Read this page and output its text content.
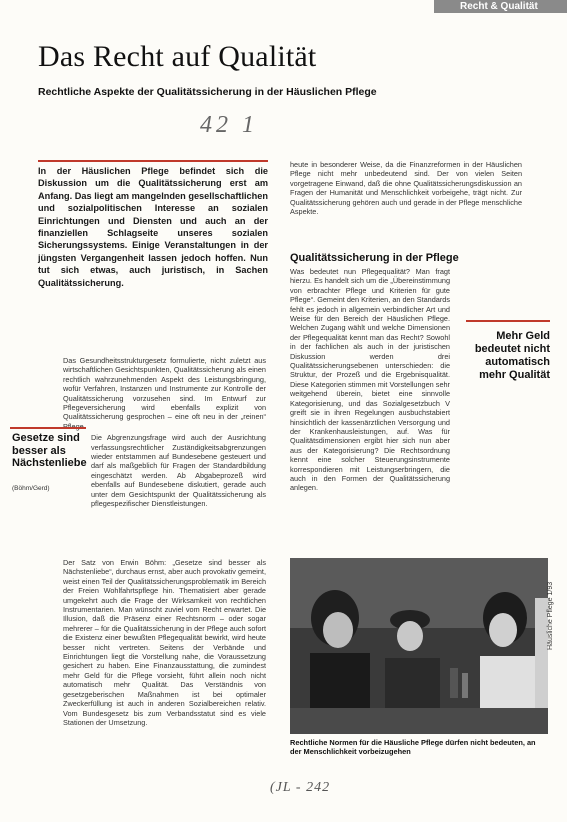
Recht & Qualität
Das Recht auf Qualität
Rechtliche Aspekte der Qualitätssicherung in der Häuslichen Pflege
42 1
In der Häuslichen Pflege befindet sich die Diskussion um die Qualitätssicherung erst am Anfang. Das liegt am mangelnden gesellschaftlichen und sozialpolitischen Interesse an sozialen Einrichtungen und Diensten und auch an der finanziellen Schlagseite unseres sozialen Sicherungssystems. Einige Veranstaltungen in der jüngsten Vergangenheit lassen jedoch hoffen. Nun tut sich etwas, auch juristisch, in Sachen Qualitätssicherung.

Das Gesundheitsstrukturgesetz formulierte, nicht zuletzt aus wirtschaftlichen Gesichtspunkten, Qualitätssicherung als einen rechtlich wahrzunehmenden Aspekt des Leistungsbringung, wofür Verfahren, Instanzen und Instrumente zur Kontrolle der Qualitätssicherung vorzusehen sind. Im Entwurf zur Pflegeversicherung wird ebenfalls explizit von Qualitätssicherung gesprochen – eine oft neu in der „reinen“

Die Abgrenzungsfrage wird auch der Ausrichtung verfassungsrechtlicher Zuständigkeitsabgrenzungen wieder entstammen auf Bundesebene gesteuert und darf als maßgeblich für Fragen der Standardbildung eingeschätzt werden. Ab Abgabeprozeß wird ebenfalls auf Bundesebene diskutiert, gerade auch unter dem Gesichtspunkt der Qualitätssicherung als pflegespezifischer Dienstleistungen.

Gesetze sind besser als Nächstenliebe
(Böhm/Gerd)

Der Satz von Erwin Böhm: „Gesetze sind besser als Nächstenliebe“, durchaus ernst, aber auch provokativ gemeint, weist einen Teil der Qualitätssicherungsproblematik im Bereich der Freien Wohlfahrtspflege hin. Thematisiert aber gerade umgekehrt auch die Frage der Wirksamkeit von rechtlichen Instrumentarien. Man wünscht zuviel vom Recht erwartet. Die Illusion, daß die Präsenz einer Rechtsnorm – oder sogar mehrerer – für die Qualitätssicherung in der Pflege auch sofort die Existenz einer bewußten Pflegequalität bewirkt, wird heute besser nicht vertreten. Seitens der Verbände und Einrichtungen liegt die Vorstellung nahe, die Voraussetzung gesichert zu haben. Eine Finanzausstattung, die zumindest mehr Geld für die Pflege vorsieht, führt allein noch nicht automatisch mehr Qualität. Das Verständnis von gesetzgeberischen Maßnahmen ist bei optimaler Zweckerfüllung ist auch in anderen Sozialbereichen relativ. Vom Bundesgesetz bis zum Verbandsstatut sind es viele Stationen der Umsetzung.

heute in besonderer Weise, da die Finanzreformen in der Häuslichen Pflege nicht mehr unbedeutend sind. Der von vielen Seiten vorgetragene Einwand, daß die ohne Qualitätssicherungsdiskussion an Fragen der Humanität und Menschlichkeit vorbeigehe, trägt nicht. Zur Qualitätssicherung gehören auch und gerade in der Pflege menschliche Aspekte.

Qualitätssicherung in der Pflege

Was bedeutet nun Pflegequalität? Man fragt hierzu. Es handelt sich um die „Übereinstimmung von erbrachter Pflege und Kriterien für gute Pflege“. Gemeint den Kriterien, an den Standards fehlt es jedoch in allgemein verbindlicher Art und Weise für den Bereich der Häuslichen Pflege. Welchen Zugang wählt und welche Dimensionen der Pflegequalität kennt man das Recht? Sowohl in der fachlichen als auch in der juristischen Diskussion werden drei Qualitätssicherungsebenen unterschieden: die Struktur, der Prozeß und die Ergebnisqualität. Diese Kategorien stimmen mit Vorstellungen sehr weitgehend überein, bietet eine sinnvolle Kategorisierung, und das Sozialgesetzbuch V greift sie in ihren Regelungen ausbuchstabiert hinsichtlich der kassenärztlichen Versorgung und der Krankenhausleistungen, auf. Was für Qualitätsdimensionen ergibt hier sich nun aber aus der Kategorisierung? Die Rechtsordnung kennt eine solcher Steuerungsinstrumente korrespondieren mit Leistungserbringern, die auch in den Formen der Qualitätssicherung anlegen.

Mehr Geld bedeutet nicht automatisch mehr Qualität
Häusliche Pflege 1/93
Rechtliche Normen für die Häusliche Pflege dürfen nicht bedeuten, an der Menschlichkeit vorbeizugehen
(JL - 242
